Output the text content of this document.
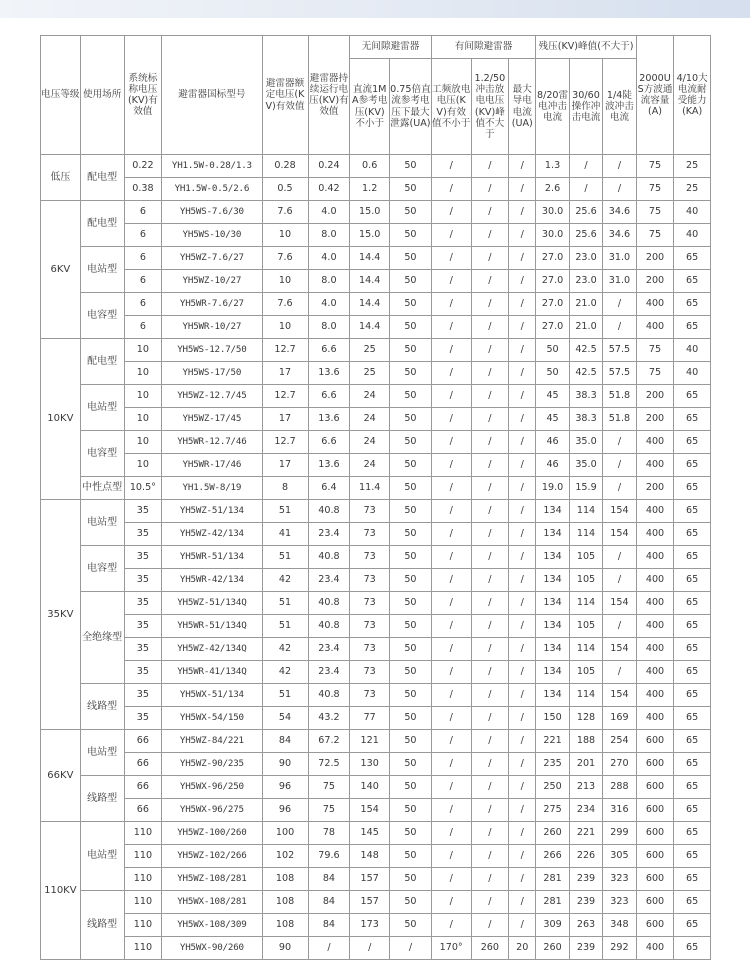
电压等级	使用场所	系统标称电压(KV)有效值	避雷器国标型号	避雷器额定电压(KV)有效值	避雷器持续运行电压(KV)有效值	无间隙避雷器		有间隙避雷器			残压(KV)峰值(不大于)			2000US方波通流容量(A)	4/10大电流耐受能力(KA)
						直流1MA参考电压(KV)不小于	0.75倍直流参考电压下最大泄露(UA)	工频放电电压(KV)有效值不小于	1.2/50冲击放电电压(KV)峰值不大于	最大导电电流(UA)	8/20雷电冲击电流	30/60操作冲击电流	1/4陡波冲击电流		
低压	配电型	0.22	YH1.5W-0.28/1.3	0.28	0.24	0.6	50	/	/	/	1.3	/	/	75	25
		0.38	YH1.5W-0.5/2.6	0.5	0.42	1.2	50	/	/	/	2.6	/	/	75	25
6KV	配电型	6	YH5WS-7.6/30	7.6	4.0	15.0	50	/	/	/	30.0	25.6	34.6	75	40
		6	YH5WS-10/30	10	8.0	15.0	50	/	/	/	30.0	25.6	34.6	75	40
	电站型	6	YH5WZ-7.6/27	7.6	4.0	14.4	50	/	/	/	27.0	23.0	31.0	200	65
		6	YH5WZ-10/27	10	8.0	14.4	50	/	/	/	27.0	23.0	31.0	200	65
	电容型	6	YH5WR-7.6/27	7.6	4.0	14.4	50	/	/	/	27.0	21.0	/	400	65
		6	YH5WR-10/27	10	8.0	14.4	50	/	/	/	27.0	21.0	/	400	65
10KV	配电型	10	YH5WS-12.7/50	12.7	6.6	25	50	/	/	/	50	42.5	57.5	75	40
		10	YH5WS-17/50	17	13.6	25	50	/	/	/	50	42.5	57.5	75	40
	电站型	10	YH5WZ-12.7/45	12.7	6.6	24	50	/	/	/	45	38.3	51.8	200	65
		10	YH5WZ-17/45	17	13.6	24	50	/	/	/	45	38.3	51.8	200	65
	电容型	10	YH5WR-12.7/46	12.7	6.6	24	50	/	/	/	46	35.0	/	400	65
		10	YH5WR-17/46	17	13.6	24	50	/	/	/	46	35.0	/	400	65
	中性点型	10.5°	YH1.5W-8/19	8	6.4	11.4	50	/	/	/	19.0	15.9	/	200	65
35KV	电站型	35	YH5WZ-51/134	51	40.8	73	50	/	/	/	134	114	154	400	65
		35	YH5WZ-42/134	41	23.4	73	50	/	/	/	134	114	154	400	65
	电容型	35	YH5WR-51/134	51	40.8	73	50	/	/	/	134	105	/	400	65
		35	YH5WR-42/134	42	23.4	73	50	/	/	/	134	105	/	400	65
	全绝缘型	35	YH5WZ-51/134Q	51	40.8	73	50	/	/	/	134	114	154	400	65
		35	YH5WR-51/134Q	51	40.8	73	50	/	/	/	134	105	/	400	65
		35	YH5WZ-42/134Q	42	23.4	73	50	/	/	/	134	114	154	400	65
		35	YH5WR-41/134Q	42	23.4	73	50	/	/	/	134	105	/	400	65
	线路型	35	YH5WX-51/134	51	40.8	73	50	/	/	/	134	114	154	400	65
		35	YH5WX-54/150	54	43.2	77	50	/	/	/	150	128	169	400	65
66KV	电站型	66	YH5WZ-84/221	84	67.2	121	50	/	/	/	221	188	254	600	65
		66	YH5WZ-90/235	90	72.5	130	50	/	/	/	235	201	270	600	65
	线路型	66	YH5WX-96/250	96	75	140	50	/	/	/	250	213	288	600	65
		66	YH5WX-96/275	96	75	154	50	/	/	/	275	234	316	600	65
110KV	电站型	110	YH5WZ-100/260	100	78	145	50	/	/	/	260	221	299	600	65
		110	YH5WZ-102/266	102	79.6	148	50	/	/	/	266	226	305	600	65
		110	YH5WZ-108/281	108	84	157	50	/	/	/	281	239	323	600	65
	线路型	110	YH5WX-108/281	108	84	157	50	/	/	/	281	239	323	600	65
		110	YH5WX-108/309	108	84	173	50	/	/	/	309	263	348	600	65
		110	YH5WX-90/260	90	/	/	/	170°	260	20	260	239	292	400	65
